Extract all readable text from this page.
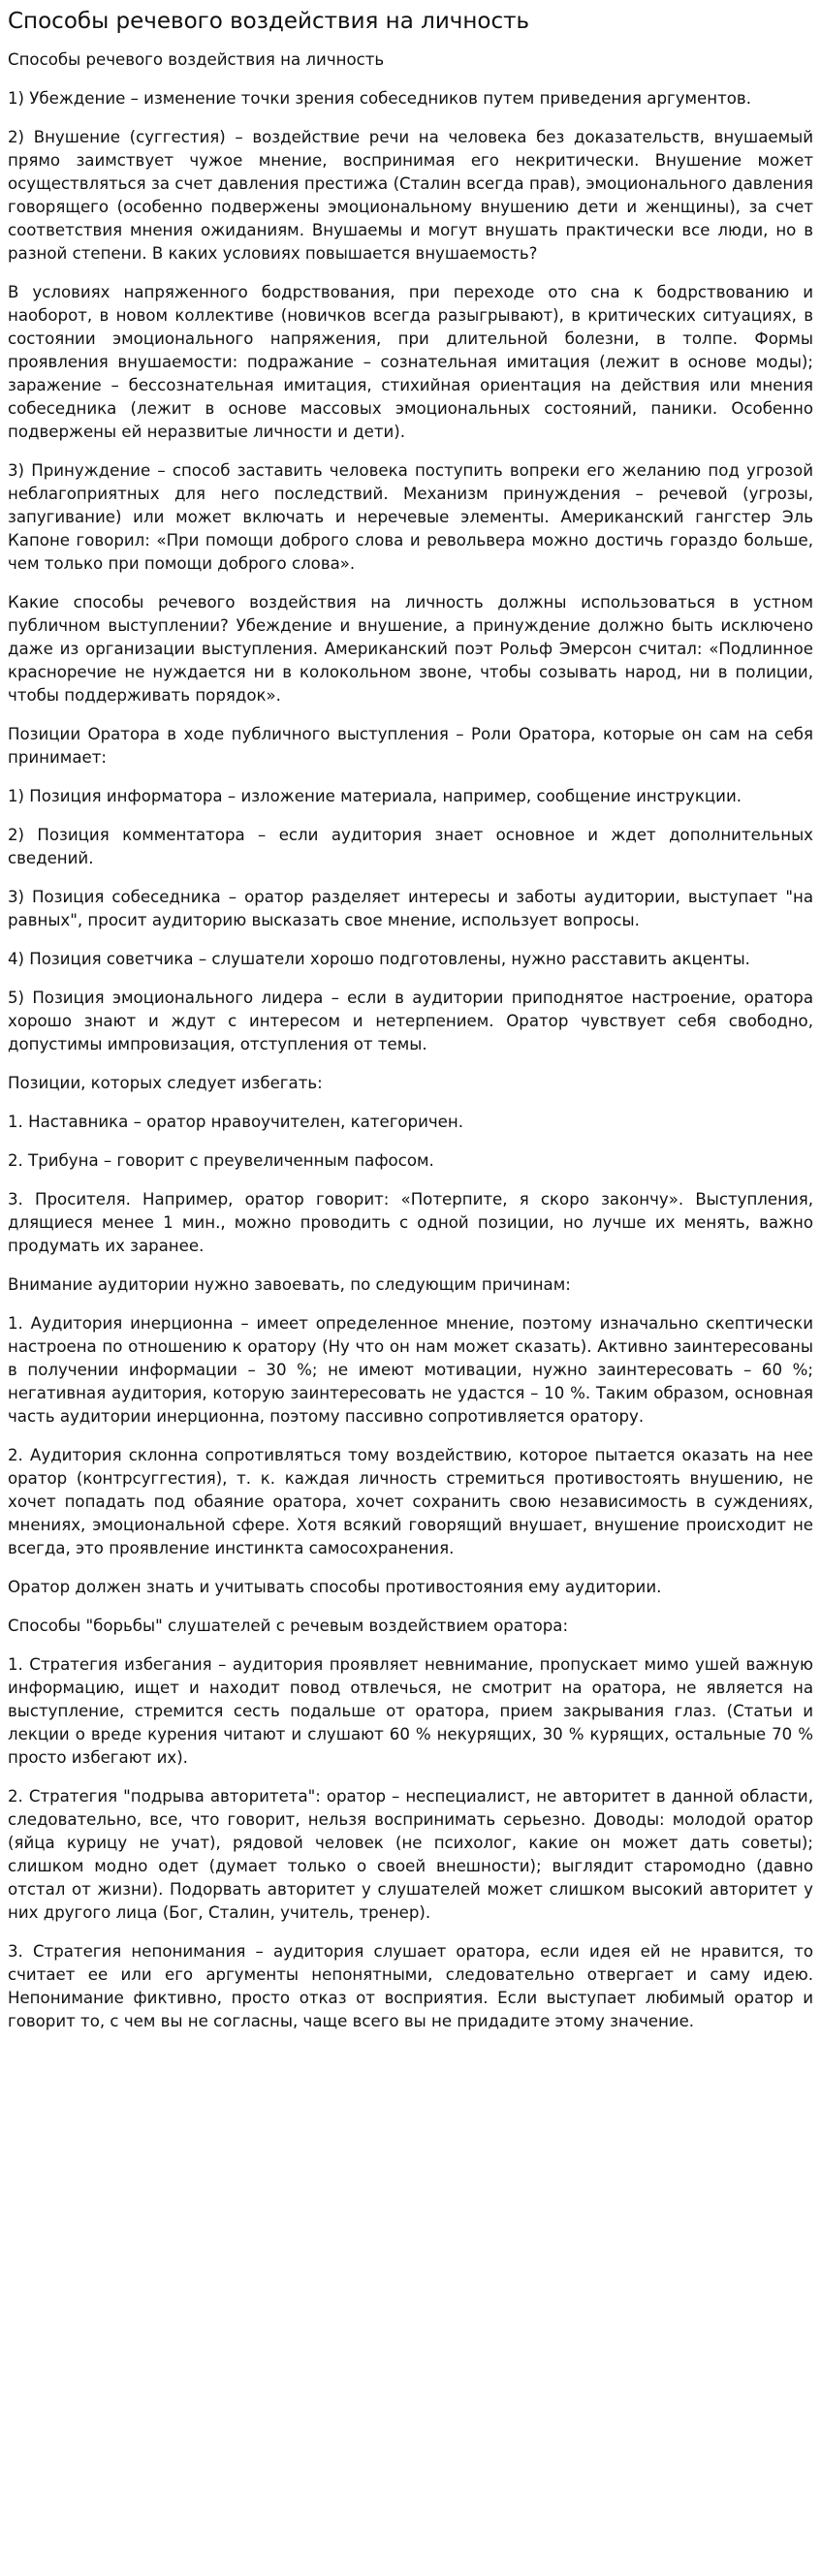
Способы речевого воздействия на личность
Способы речевого воздействия на личность

1) Убеждение – изменение точки зрения собеседников путем приведения аргументов.

2) Внушение (суггестия) – воздействие речи на человека без доказательств, внушаемый прямо заимствует чужое мнение, воспринимая его некритически. Внушение может осуществляться за счет давления престижа (Сталин всегда прав), эмоционального давления говорящего (особенно подвержены эмоциональному внушению дети и женщины), за счет соответствия мнения ожиданиям. Внушаемы и могут внушать практически все люди, но в разной степени. В каких условиях повышается внушаемость?

В условиях напряженного бодрствования, при переходе ото сна к бодрствованию и наоборот, в новом коллективе (новичков всегда разыгрывают), в критических ситуациях, в состоянии эмоционального напряжения, при длительной болезни, в толпе. Формы проявления внушаемости: подражание – сознательная имитация (лежит в основе моды); заражение – бессознательная имитация, стихийная ориентация на действия или мнения собеседника (лежит в основе массовых эмоциональных состояний, паники. Особенно подвержены ей неразвитые личности и дети).

3) Принуждение – способ заставить человека поступить вопреки его желанию под угрозой неблагоприятных для него последствий. Механизм принуждения – речевой (угрозы, запугивание) или может включать и неречевые элементы. Американский гангстер Эль Капоне говорил: «При помощи доброго слова и револьвера можно достичь гораздо больше, чем только при помощи доброго слова».

Какие способы речевого воздействия на личность должны использоваться в устном публичном выступлении? Убеждение и внушение, а принуждение должно быть исключено даже из организации выступления. Американский поэт Рольф Эмерсон считал: «Подлинное красноречие не нуждается ни в колокольном звоне, чтобы созывать народ, ни в полиции, чтобы поддерживать порядок».

Позиции Оратора в ходе публичного выступления – Роли Оратора, которые он сам на себя принимает:

1) Позиция информатора – изложение материала, например, сообщение инструкции.

2) Позиция комментатора – если аудитория знает основное и ждет дополнительных сведений.

3) Позиция собеседника – оратор разделяет интересы и заботы аудитории, выступает "на равных", просит аудиторию высказать свое мнение, использует вопросы.

4) Позиция советчика – слушатели хорошо подготовлены, нужно расставить акценты.

5) Позиция эмоционального лидера – если в аудитории приподнятое настроение, оратора хорошо знают и ждут с интересом и нетерпением. Оратор чувствует себя свободно, допустимы импровизация, отступления от темы.

Позиции, которых следует избегать:

1. Наставника – оратор нравоучителен, категоричен.

2. Трибуна – говорит с преувеличенным пафосом.

3. Просителя. Например, оратор говорит: «Потерпите, я скоро закончу». Выступления, длящиеся менее 1 мин., можно проводить с одной позиции, но лучше их менять, важно продумать их заранее.

Внимание аудитории нужно завоевать, по следующим причинам:

1. Аудитория инерционна – имеет определенное мнение, поэтому изначально скептически настроена по отношению к оратору (Ну что он нам может сказать). Активно заинтересованы в получении информации – 30 %; не имеют мотивации, нужно заинтересовать – 60 %; негативная аудитория, которую заинтересовать не удастся – 10 %. Таким образом, основная часть аудитории инерционна, поэтому пассивно сопротивляется оратору.

2. Аудитория склонна сопротивляться тому воздействию, которое пытается оказать на нее оратор (контрсуггестия), т. к. каждая личность стремиться противостоять внушению, не хочет попадать под обаяние оратора, хочет сохранить свою независимость в суждениях, мнениях, эмоциональной сфере. Хотя всякий говорящий внушает, внушение происходит не всегда, это проявление инстинкта самосохранения.

Оратор должен знать и учитывать способы противостояния ему аудитории.

Способы "борьбы" слушателей с речевым воздействием оратора:

1. Стратегия избегания – аудитория проявляет невнимание, пропускает мимо ушей важную информацию, ищет и находит повод отвлечься, не смотрит на оратора, не является на выступление, стремится сесть подальше от оратора, прием закрывания глаз. (Статьи и лекции о вреде курения читают и слушают 60 % некурящих, 30 % курящих, остальные 70 % просто избегают их).

2. Стратегия "подрыва авторитета": оратор – неспециалист, не авторитет в данной области, следовательно, все, что говорит, нельзя воспринимать серьезно. Доводы: молодой оратор (яйца курицу не учат), рядовой человек (не психолог, какие он может дать советы); слишком модно одет (думает только о своей внешности); выглядит старомодно (давно отстал от жизни). Подорвать авторитет у слушателей может слишком высокий авторитет у них другого лица (Бог, Сталин, учитель, тренер).

3. Стратегия непонимания – аудитория слушает оратора, если идея ей не нравится, то считает ее или его аргументы непонятными, следовательно отвергает и саму идею. Непонимание фиктивно, просто отказ от восприятия. Если выступает любимый оратор и говорит то, с чем вы не согласны, чаще всего вы не придадите этому значение.
